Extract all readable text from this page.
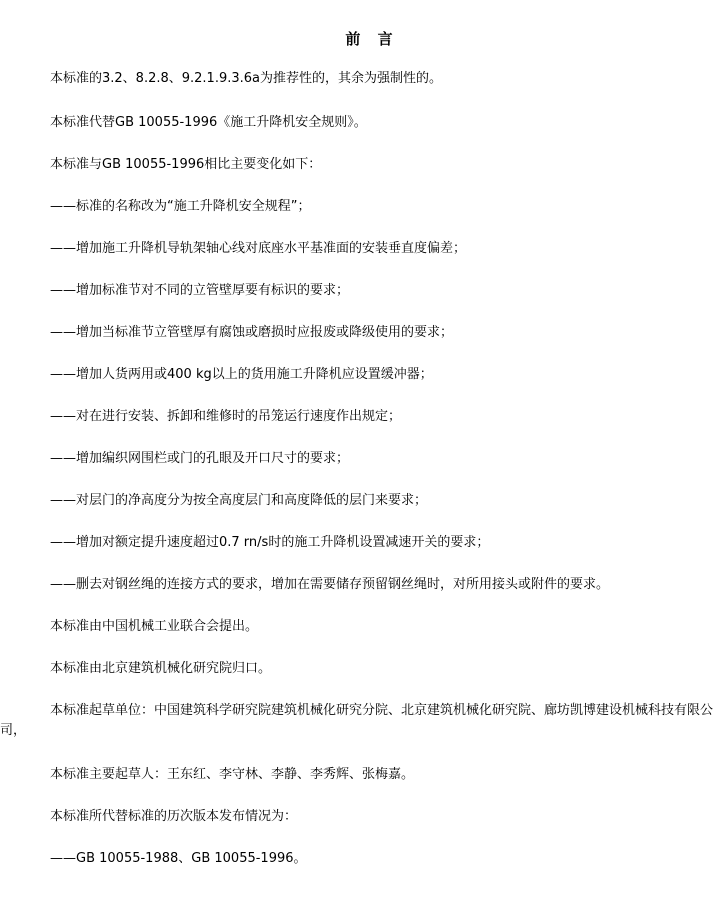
前 言
本标准的3.2、8.2.8、9.2.1.9.3.6a为推荐性的，其余为强制性的。
本标准代替GB 10055-1996《施工升降机安全规则》。
本标准与GB 10055-1996相比主要变化如下：
——标准的名称改为“施工升降机安全规程”；
——增加施工升降机导轨架轴心线对底座水平基准面的安装垂直度偏差；
——增加标准节对不同的立管壁厚要有标识的要求；
——增加当标准节立管壁厚有腐蚀或磨损时应报废或降级使用的要求；
——增加人货两用或400 kg以上的货用施工升降机应设置缓冲器；
——对在进行安装、拆卸和维修时的吊笼运行速度作出规定；
——增加编织网围栏或门的孔眼及开口尺寸的要求；
——对层门的净高度分为按全高度层门和高度降低的层门来要求；
——增加对额定提升速度超过0.7 rn/s时的施工升降机设置减速开关的要求；
——删去对钢丝绳的连接方式的要求，增加在需要储存预留钢丝绳时，对所用接头或附件的要求。
本标准由中国机械工业联合会提出。
本标准由北京建筑机械化研究院归口。
本标准起草单位：中国建筑科学研究院建筑机械化研究分院、北京建筑机械化研究院、廊坊凯博建设机械科技有限公司，
本标准主要起草人：王东红、李守林、李静、李秀辉、张梅嘉。
本标准所代替标准的历次版本发布情况为：
——GB 10055-1988、GB 10055-1996。
